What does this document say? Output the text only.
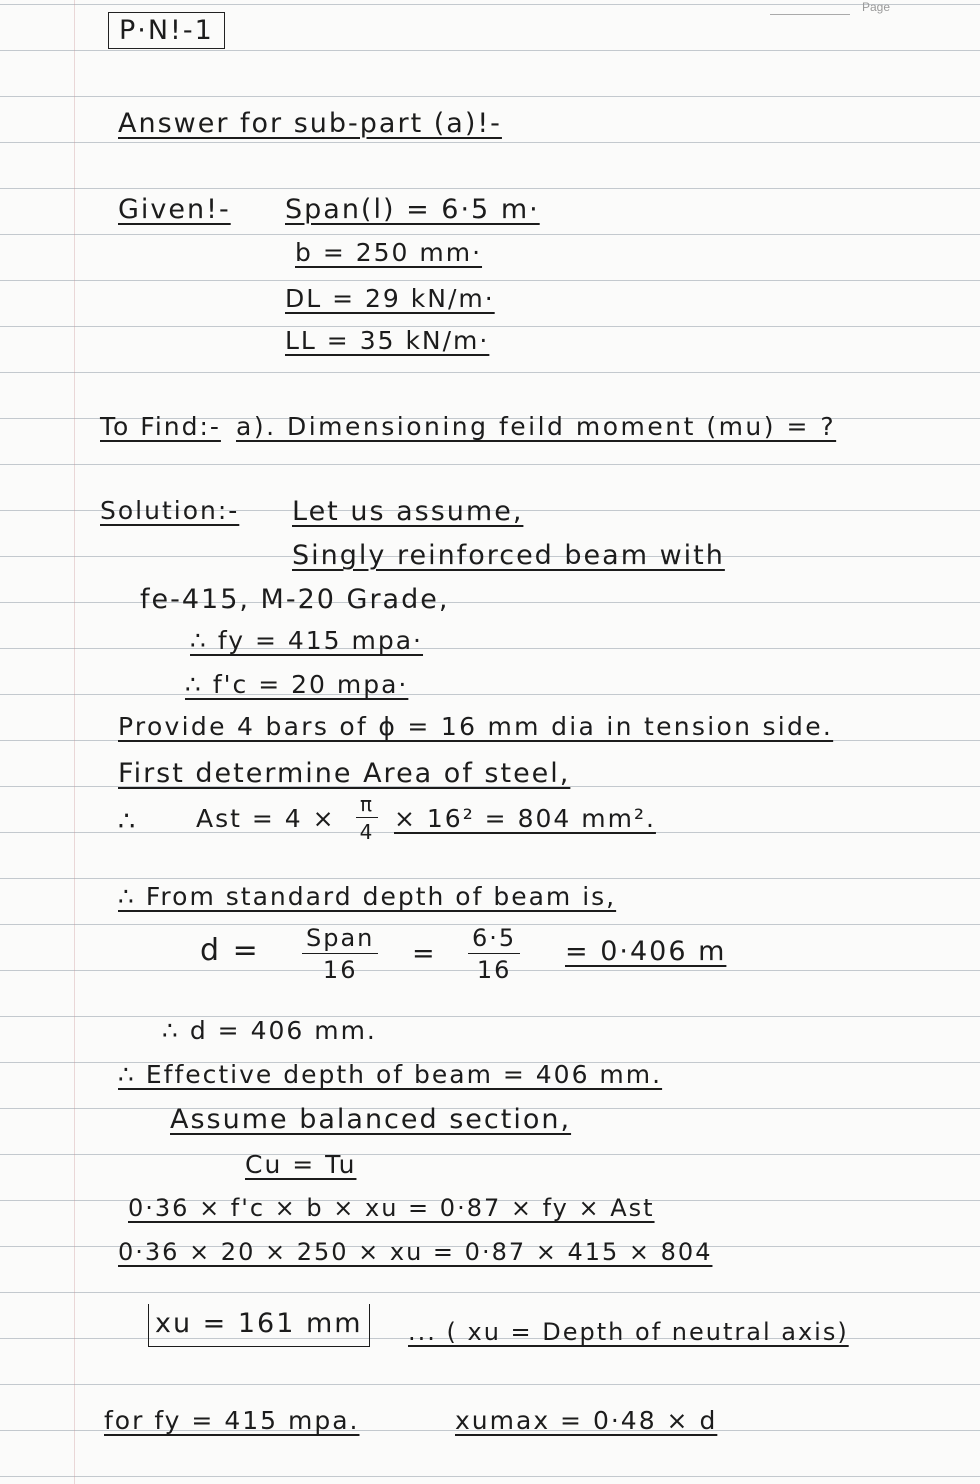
Page
P·N!-1
Answer for sub-part (a)!-
Given!- Span(l) = 6·5 m·
b = 250 mm·
DL = 29 kN/m·
LL = 35 kN/m·
To Find:- a). Dimensioning feild moment (mu) = ?
Solution:- Let us assume,
Singly reinforced beam with
fe-415, M-20 Grade,
∴ fy = 415 mpa·
∴ f'c = 20 mpa·
Provide 4 bars of ϕ = 16 mm dia in tension side.
First determine Area of steel,
∴ Ast = $4 \times \frac{\pi}{4} \times 16^2 = 804$ mm².
∴ From standard depth of beam is,
d = Span
16
= $\frac{6\cdot 5}{16} = 0\cdot 406$ m
∴ d = 406 mm.
∴ Effective depth of beam = 406 mm.
Assume balanced section,
Cu = Tu
0·36 × f'c × b × xu = 0·87 × fy × Ast
0·36 × 20 × 250 × xu = 0·87 × 415 × 804
xu = 161 mm ... ( xu = Depth of neutral axis)
for fy = 415 mpa.	xumax = 0·48 × d
